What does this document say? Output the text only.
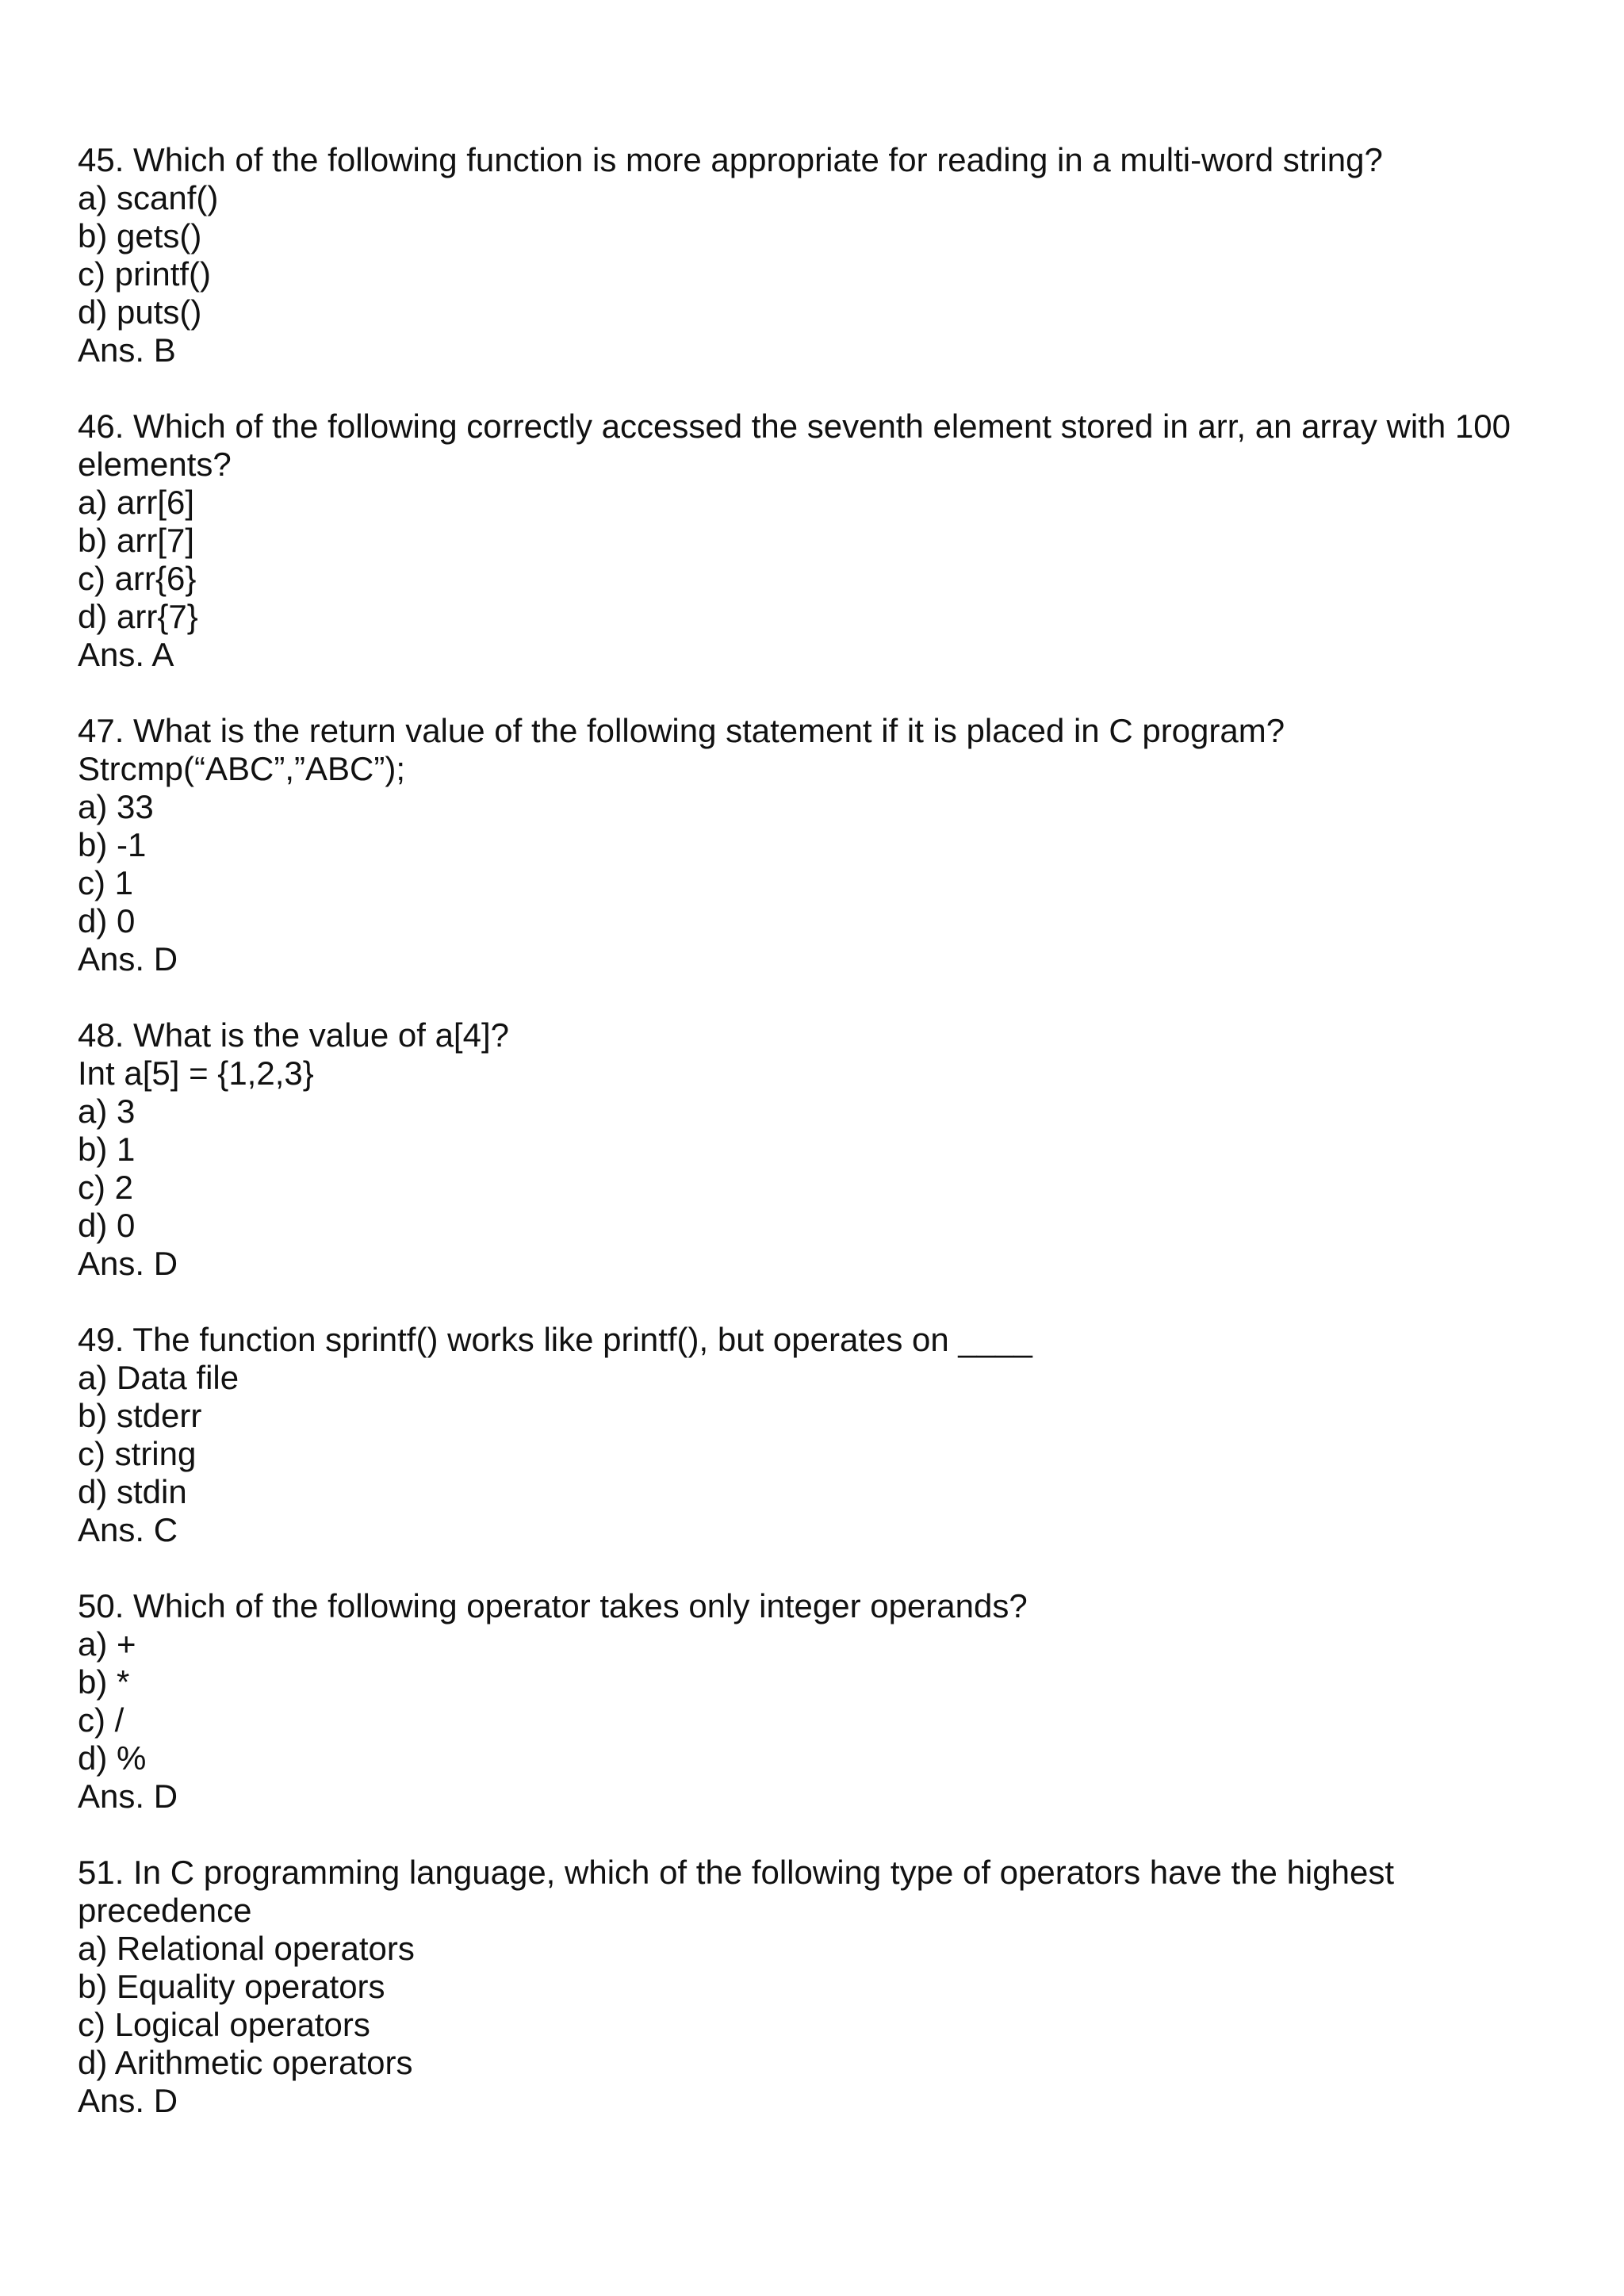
45. Which of the following function is more appropriate for reading in a multi-word string?

a) scanf()

b) gets()

c) printf()

d) puts()

Ans. B

46. Which of the following correctly accessed the seventh element stored in arr, an array with 100

elements?

a) arr[6]

b) arr[7]

c) arr{6}

d) arr{7}

Ans. A

47. What is the return value of the following statement if it is placed in C program?

Strcmp(“ABC”,”ABC”);

a) 33

b) -1

c) 1

d) 0

Ans. D

48. What is the value of a[4]?

Int a[5] = {1,2,3}

a) 3

b) 1

c) 2

d) 0

Ans. D

49. The function sprintf() works like printf(), but operates on ____

a) Data file

b) stderr

c) string

d) stdin

Ans. C

50. Which of the following operator takes only integer operands?

a) +

b) *

c) /

d) %

Ans. D

51. In C programming language, which of the following type of operators have the highest

precedence

a) Relational operators

b) Equality operators

c) Logical operators

d) Arithmetic operators

Ans. D
